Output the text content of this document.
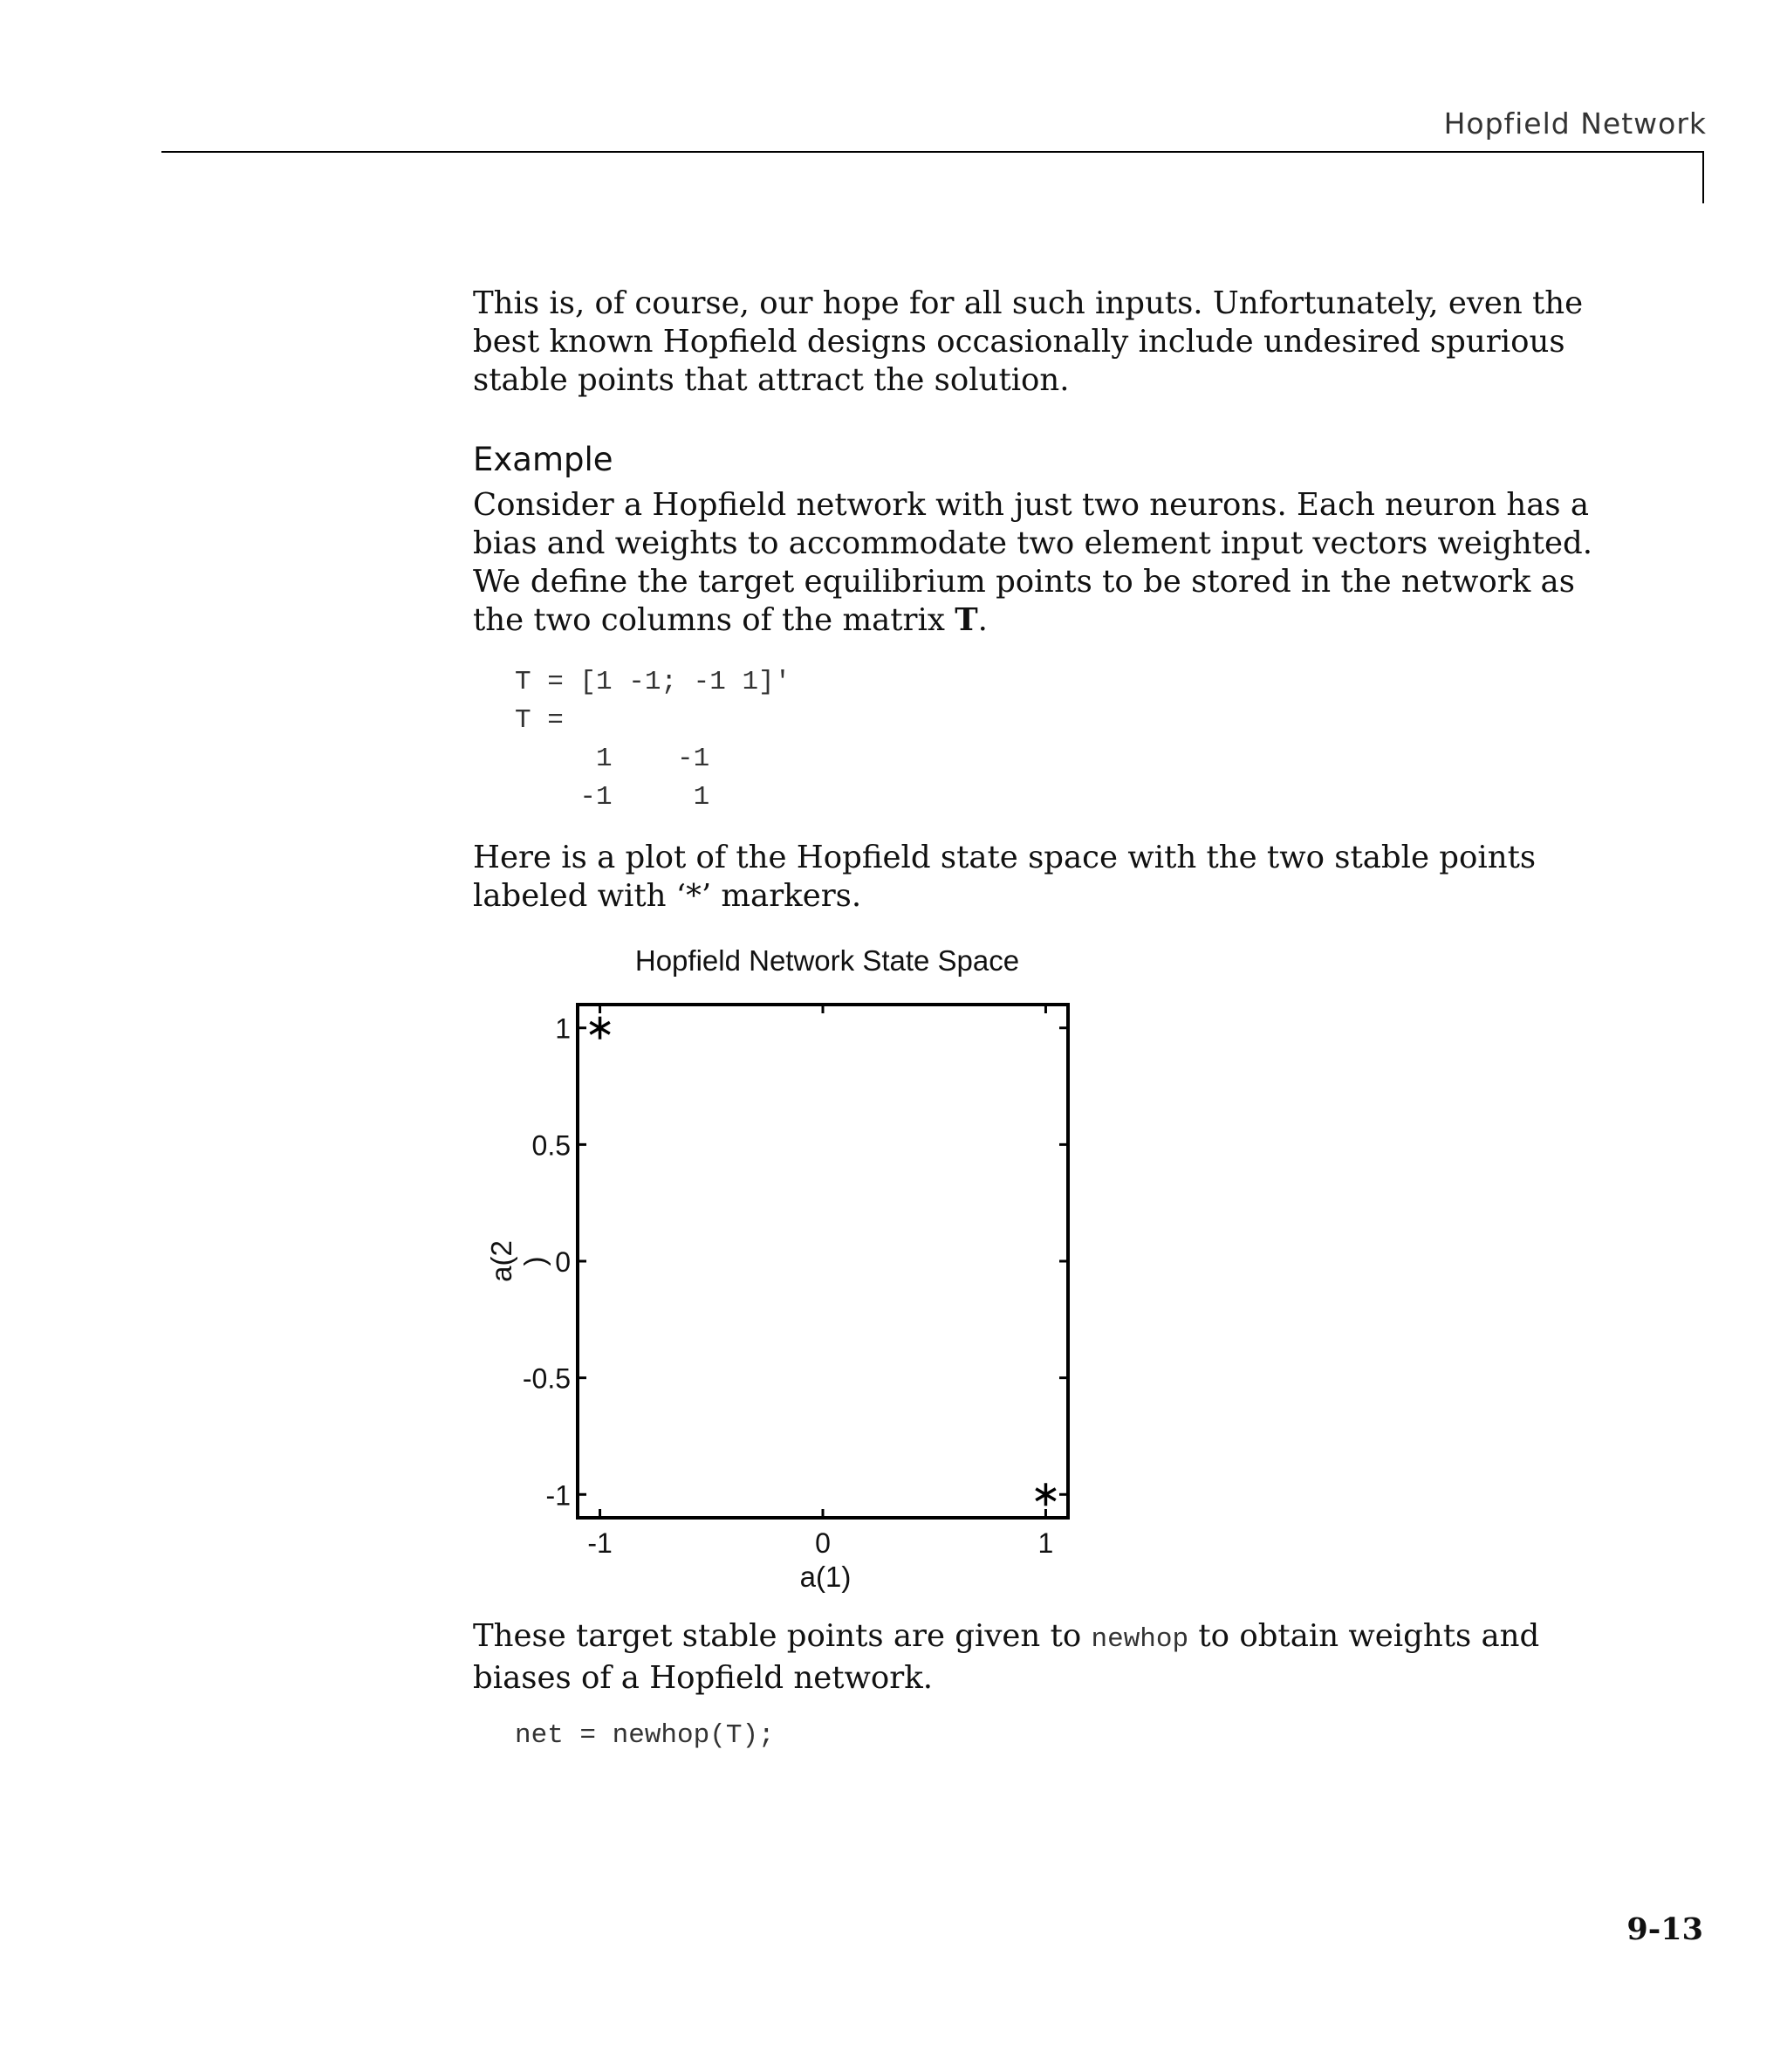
Hopfield Network

This is, of course, our hope for all such inputs. Unfortunately, even the best known Hopfield designs occasionally include undesired spurious stable points that attract the solution.

Example

Consider a Hopfield network with just two neurons. Each neuron has a bias and weights to accommodate two element input vectors weighted. We define the target equilibrium points to be stored in the network as the two columns of the matrix T.

T = [1 -1; -1 1]'
T =
1    -1
-1     1

Here is a plot of the Hopfield state space with the two stable points labeled with ‘*’ markers.

Hopfield Network State Space
-1	0	1
-1
-0.5
0
0.5
1
a(1)
a(2)

These target stable points are given to newhop to obtain weights and biases of a Hopfield network.

net = newhop(T);
9-13
